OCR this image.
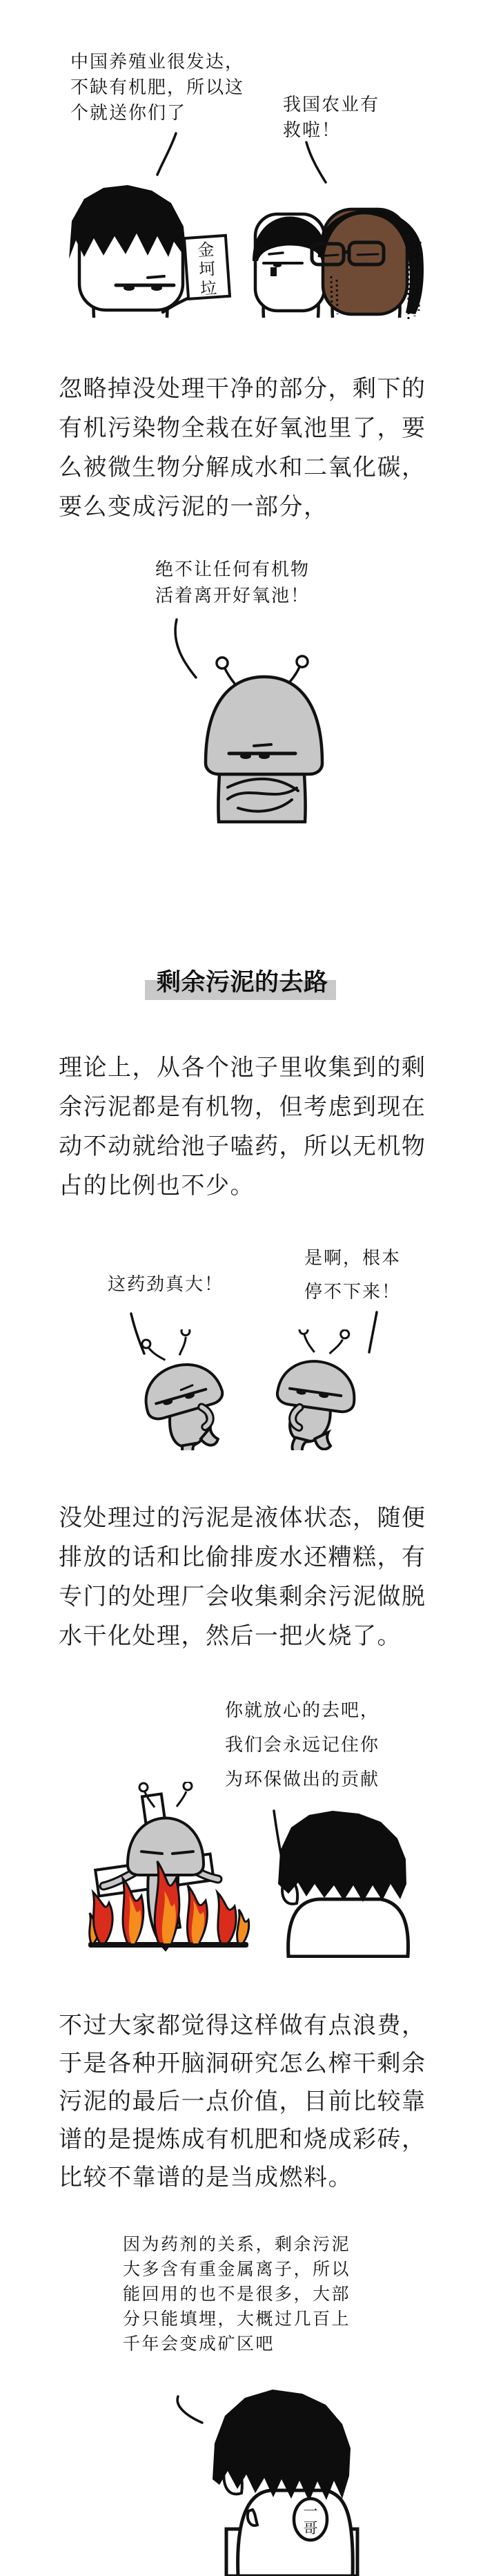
中国养殖业很发达，
不缺有机肥，所以这
个就送你们了	我国农业有
救啦！
金
坷
垃
忽略掉没处理干净的部分，剩下的
有机污染物全栽在好氧池里了，要
么被微生物分解成水和二氧化碳，
要么变成污泥的一部分，
绝不让任何有机物
活着离开好氧池！
剩余污泥的去路
理论上，从各个池子里收集到的剩
余污泥都是有机物，但考虑到现在
动不动就给池子嗑药，所以无机物
占的比例也不少。
这药劲真大！
是啊，根本
停不下来！
没处理过的污泥是液体状态，随便
排放的话和比偷排废水还糟糕，有
专门的处理厂会收集剩余污泥做脱
水干化处理，然后一把火烧了。
你就放心的去吧，
我们会永远记住你
为环保做出的贡献
不过大家都觉得这样做有点浪费，
于是各种开脑洞研究怎么榨干剩余
污泥的最后一点价值，目前比较靠
谱的是提炼成有机肥和烧成彩砖，
比较不靠谱的是当成燃料。
因为药剂的关系，剩余污泥
大多含有重金属离子，所以
能回用的也不是很多，大部
分只能填埋，大概过几百上
千年会变成矿区吧
一
哥
